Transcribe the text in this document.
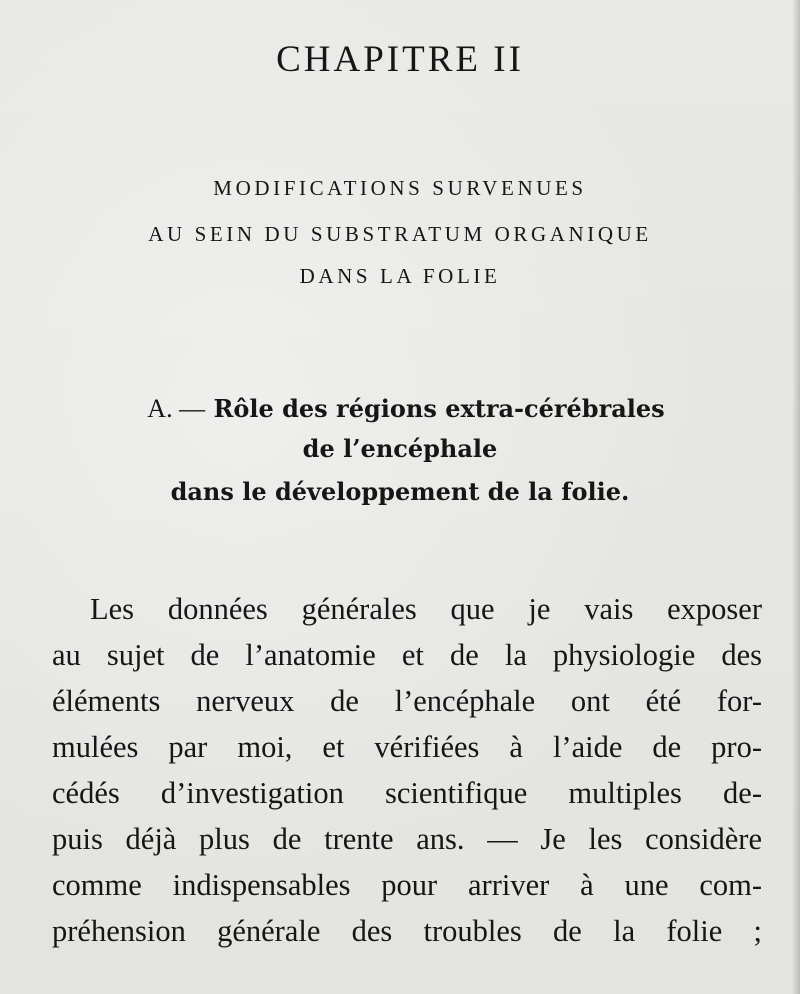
CHAPITRE II
MODIFICATIONS SURVENUES
AU SEIN DU SUBSTRATUM ORGANIQUE
DANS LA FOLIE
A. — Rôle des régions extra-cérébrales
de l’encéphale
dans le développement de la folie.
Les données générales que je vais exposer
au sujet de l’anatomie et de la physiologie des
éléments nerveux de l’encéphale ont été for-
mulées par moi, et vérifiées à l’aide de pro-
cédés d’investigation scientifique multiples de-
puis déjà plus de trente ans. — Je les considère
comme indispensables pour arriver à une com-
préhension générale des troubles de la folie ;
